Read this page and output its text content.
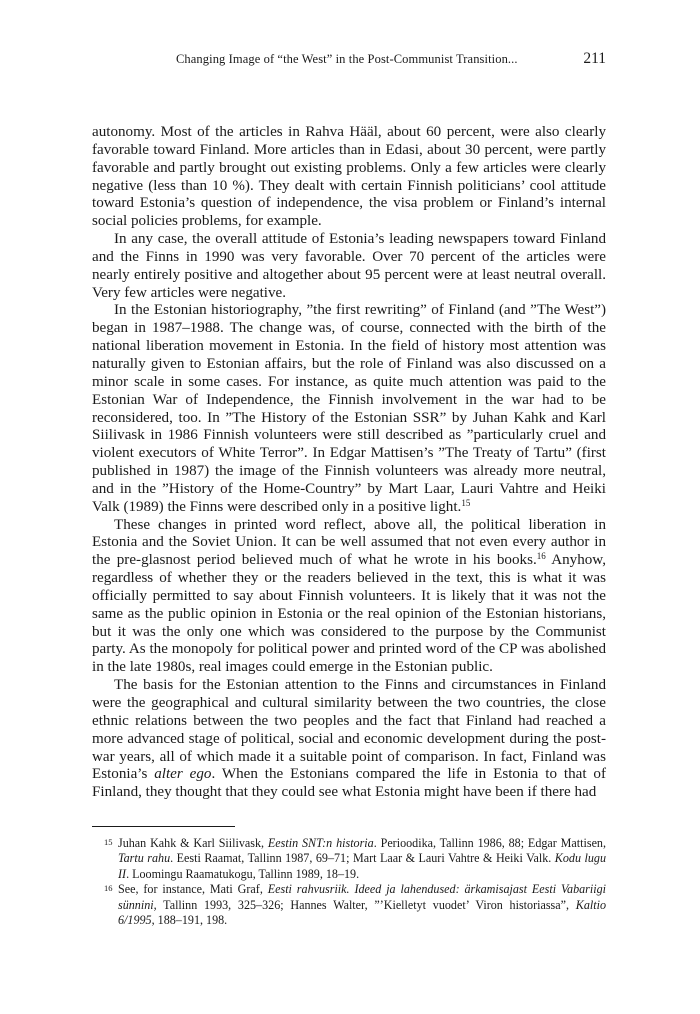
Changing Image of “the West” in the Post-Communist Transition...	211

autonomy. Most of the articles in Rahva Hääl, about 60 percent, were also clearly favorable toward Finland. More articles than in Edasi, about 30 percent, were partly favorable and partly brought out existing problems. Only a few articles were clearly negative (less than 10 %). They dealt with certain Finnish politicians’ cool attitude toward Estonia’s question of independence, the visa problem or Finland’s internal social policies problems, for example.

In any case, the overall attitude of Estonia’s leading newspapers toward Finland and the Finns in 1990 was very favorable. Over 70 percent of the articles were nearly entirely positive and altogether about 95 percent were at least neutral overall. Very few articles were negative.

In the Estonian historiography, ”the first rewriting” of Finland (and ”The West”) began in 1987–1988. The change was, of course, connected with the birth of the national liberation movement in Estonia. In the field of history most attention was naturally given to Estonian affairs, but the role of Finland was also discussed on a minor scale in some cases. For instance, as quite much attention was paid to the Estonian War of Independence, the Finnish involvement in the war had to be reconsidered, too. In ”The History of the Estonian SSR” by Juhan Kahk and Karl Siilivask in 1986 Finnish volunteers were still described as ”particularly cruel and violent executors of White Terror”. In Edgar Mattisen’s ”The Treaty of Tartu” (first published in 1987) the image of the Finnish volunteers was already more neutral, and in the ”History of the Home-Country” by Mart Laar, Lauri Vahtre and Heiki Valk (1989) the Finns were described only in a positive light.$^{15}$

These changes in printed word reflect, above all, the political liberation in Estonia and the Soviet Union. It can be well assumed that not even every author in the pre-glasnost period believed much of what he wrote in his books.$^{16}$ Anyhow, regardless of whether they or the readers believed in the text, this is what it was officially permitted to say about Finnish volunteers. It is likely that it was not the same as the public opinion in Estonia or the real opinion of the Estonian historians, but it was the only one which was considered to the purpose by the Communist party. As the monopoly for political power and printed word of the CP was abolished in the late 1980s, real images could emerge in the Estonian public.

The basis for the Estonian attention to the Finns and circumstances in Finland were the geographical and cultural similarity between the two countries, the close ethnic relations between the two peoples and the fact that Finland had reached a more advanced stage of political, social and economic development during the post-war years, all of which made it a suitable point of comparison. In fact, Finland was Estonia’s alter ego. When the Estonians compared the life in Estonia to that of Finland, they thought that they could see what Estonia might have been if there had

15 Juhan Kahk & Karl Siilivask, Eestin SNT:n historia. Perioodika, Tallinn 1986, 88; Edgar Mattisen, Tartu rahu. Eesti Raamat, Tallinn 1987, 69–71; Mart Laar & Lauri Vahtre & Heiki Valk. Kodu lugu II. Loomingu Raamatukogu, Tallinn 1989, 18–19.

16 See, for instance, Mati Graf, Eesti rahvusriik. Ideed ja lahendused: ärkamisajast Eesti Vabariigi sünnini, Tallinn 1993, 325–326; Hannes Walter, ”’Kielletyt vuodet’ Viron historiassa”, Kaltio 6/1995, 188–191, 198.
